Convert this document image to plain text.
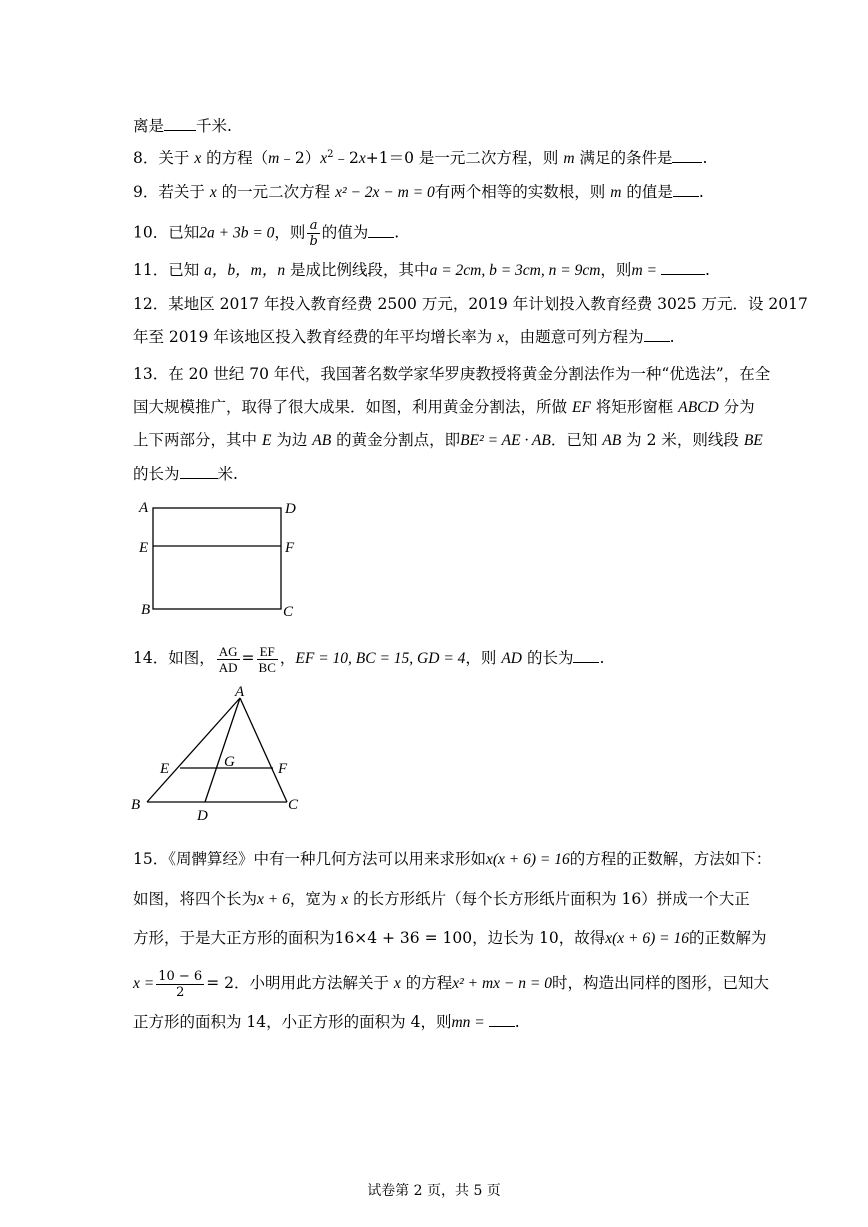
离是 千米.
8．关于 x 的方程$(m﹣2)x^2﹣2x+1=0$ 是一元二次方程，则 m 满足的条件是 .
9．若关于 x 的一元二次方程 x² − 2x − m = 0有两个相等的实数根，则 m 的值是 .
10．已知2a + 3b = 0，则 $\frac{a}{b}$ 的值为 .
11．已知 a，b，m，n 是成比例线段，其中a = 2cm, b = 3cm, n = 9cm，则m =	.
12．某地区 2017 年投入教育经费 2500 万元，2019 年计划投入教育经费 3025 万元．设 2017
年至 2019 年该地区投入教育经费的年平均增长率为 x，由题意可列方程为 .
13．在 20 世纪 70 年代，我国著名数学家华罗庚教授将黄金分割法作为一种“优选法”，在全
国大规模推广，取得了很大成果．如图，利用黄金分割法，所做 EF 将矩形窗框 ABCD 分为
上下两部分，其中 E 为边 AB 的黄金分割点，即BE² = AE · AB．已知 AB 为 2 米，则线段 BE
的长为 米.
A	D
E	F
B	C
14．如图， $\frac{AG}{AD} = \frac{EF}{BC}$ ，EF = 10, BC = 15, GD = 4，则 AD 的长为 .
A
E	G	F
B
D
C
15．《周髀算经》中有一种几何方法可以用来求形如x(x + 6) = 16的方程的正数解，方法如下：
如图，将四个长为x + 6，宽为 x 的长方形纸片（每个长方形纸片面积为 16）拼成一个大正
方形，于是大正方形的面积为16×4 + 36 = 100，边长为 10，故得x(x + 6) = 16的正数解为
$x = \frac{10 - 6}{2} = 2$．小明用此方法解关于 x 的方程x² + mx − n = 0时，构造出同样的图形，已知大
正方形的面积为 14，小正方形的面积为 4，则mn = .
试卷第 2 页，共 5 页
